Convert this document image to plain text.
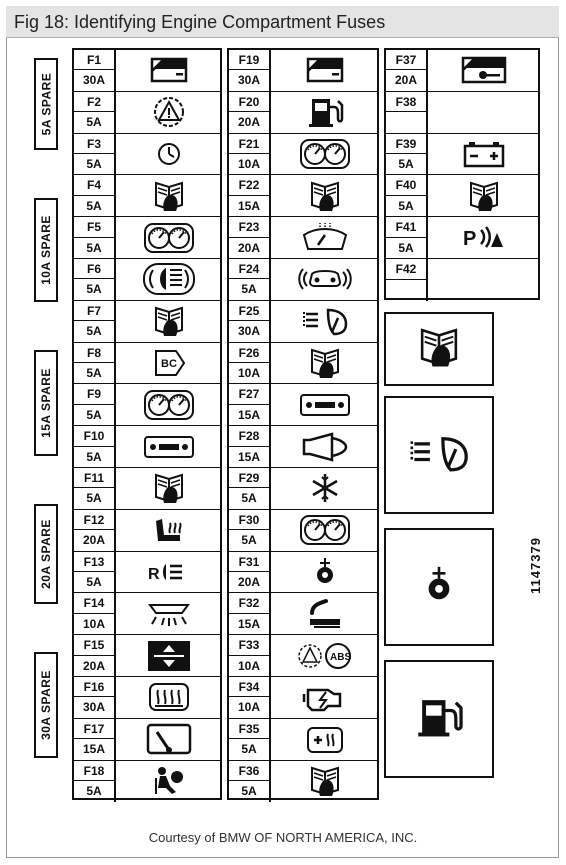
Fig 18: Identifying Engine Compartment Fuses
5A SPARE
10A SPARE
15A SPARE
20A SPARE
30A SPARE
F1
30A
F2
5A
F3
5A
F4
5A
F5
5A
F6
5A
F7
5A
F8
5A
BC
F9
5A
F10
5A
F11
5A
F12
20A
F13
5A	R
F14
10A
F15
20A
F16
30A
F17
15A
F18
5A
F19
30A
F20
20A
F21
10A
F22
15A
F23
20A
F24
5A
F25
30A
F26
10A
F27
15A
F28
15A
F29
5A
F30
5A
F31
20A
F32
15A
F33
10A
ABS
F34
10A
F35
5A
F36
5A
F37
20A
F38
F39
5A
F40
5A
F41
5A	P
F42
1147379
Courtesy of BMW OF NORTH AMERICA, INC.
